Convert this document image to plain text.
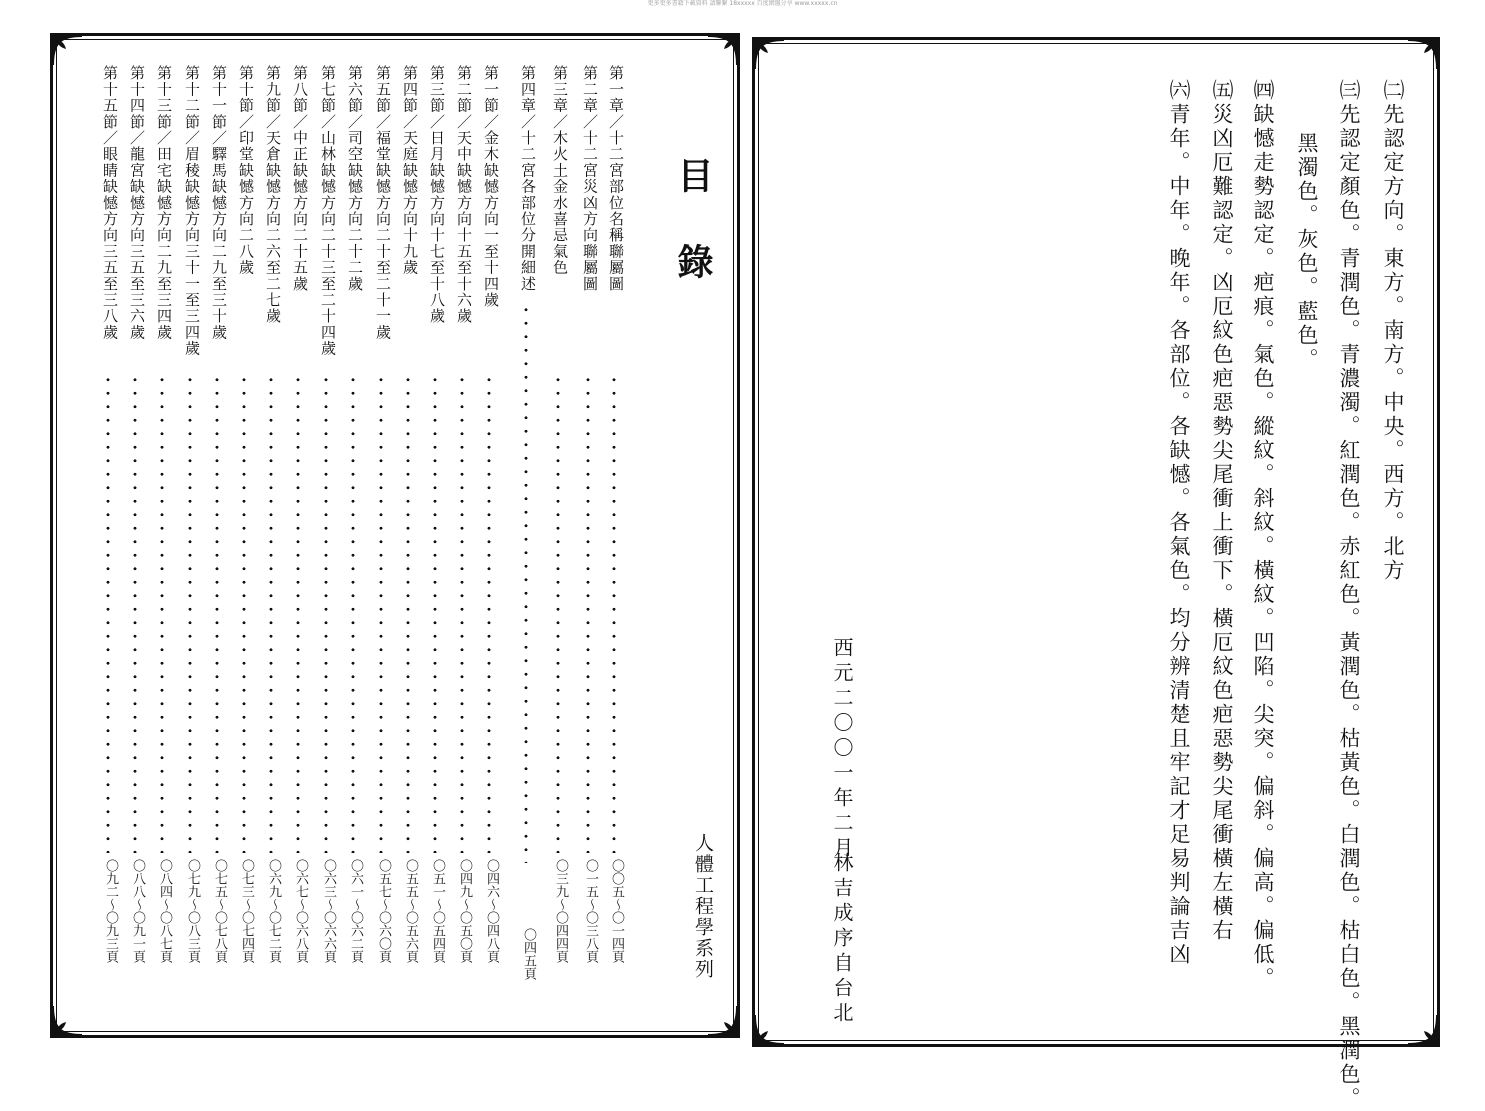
更多更多書籍下載資料 請聯繫 18xxxxx 百度網盤分享 www.xxxxx.cn
目錄
人體工程學系列
第一章／十二宮部位名稱聯屬圖
〇〇五～〇一四頁
第二章／十二宮災凶方向聯屬圖
〇一五～〇三八頁
第三章／木火土金水喜忌氣色
〇三九～〇四四頁
第四章／十二宮各部位分開細述
〇四五頁
第一節／金木缺憾方向一至十四歲
〇四六～〇四八頁
第二節／天中缺憾方向十五至十六歲
〇四九～〇五〇頁
第三節／日月缺憾方向十七至十八歲
〇五一～〇五四頁
第四節／天庭缺憾方向十九歲
〇五五～〇五六頁
第五節／福堂缺憾方向二十至二十一歲
〇五七～〇六〇頁
第六節／司空缺憾方向二十二歲
〇六一～〇六二頁
第七節／山林缺憾方向二十三至二十四歲
〇六三～〇六六頁
第八節／中正缺憾方向二十五歲
〇六七～〇六八頁
第九節／天倉缺憾方向二六至二七歲
〇六九～〇七二頁
第十節／印堂缺憾方向二八歲
〇七三～〇七四頁
第十一節／驛馬缺憾方向二九至三十歲
〇七五～〇七八頁
第十二節／眉稜缺憾方向三十一至三四歲
〇七九～〇八三頁
第十三節／田宅缺憾方向二九至三四歲
〇八四～〇八七頁
第十四節／龍宮缺憾方向三五至三六歲
〇八八～〇九一頁
第十五節／眼睛缺憾方向三五至三八歲
〇九二～〇九三頁
㈡先認定方向。東方。南方。中央。西方。北方
㈢先認定顏色。青潤色。青濃濁。紅潤色。赤紅色。黃潤色。枯黃色。白潤色。枯白色。黑潤色。
黑濁色。灰色。藍色。
㈣缺憾走勢認定。疤痕。氣色。縱紋。斜紋。橫紋。凹陷。尖突。偏斜。偏高。偏低。
㈤災凶厄難認定。凶厄紋色疤惡勢尖尾衝上衝下。橫厄紋色疤惡勢尖尾衝橫左橫右
㈥青年。中年。晚年。各部位。各缺憾。各氣色。均分辨清楚且牢記才足易判論吉凶
西元二〇〇一年二月
林吉成序自台北
